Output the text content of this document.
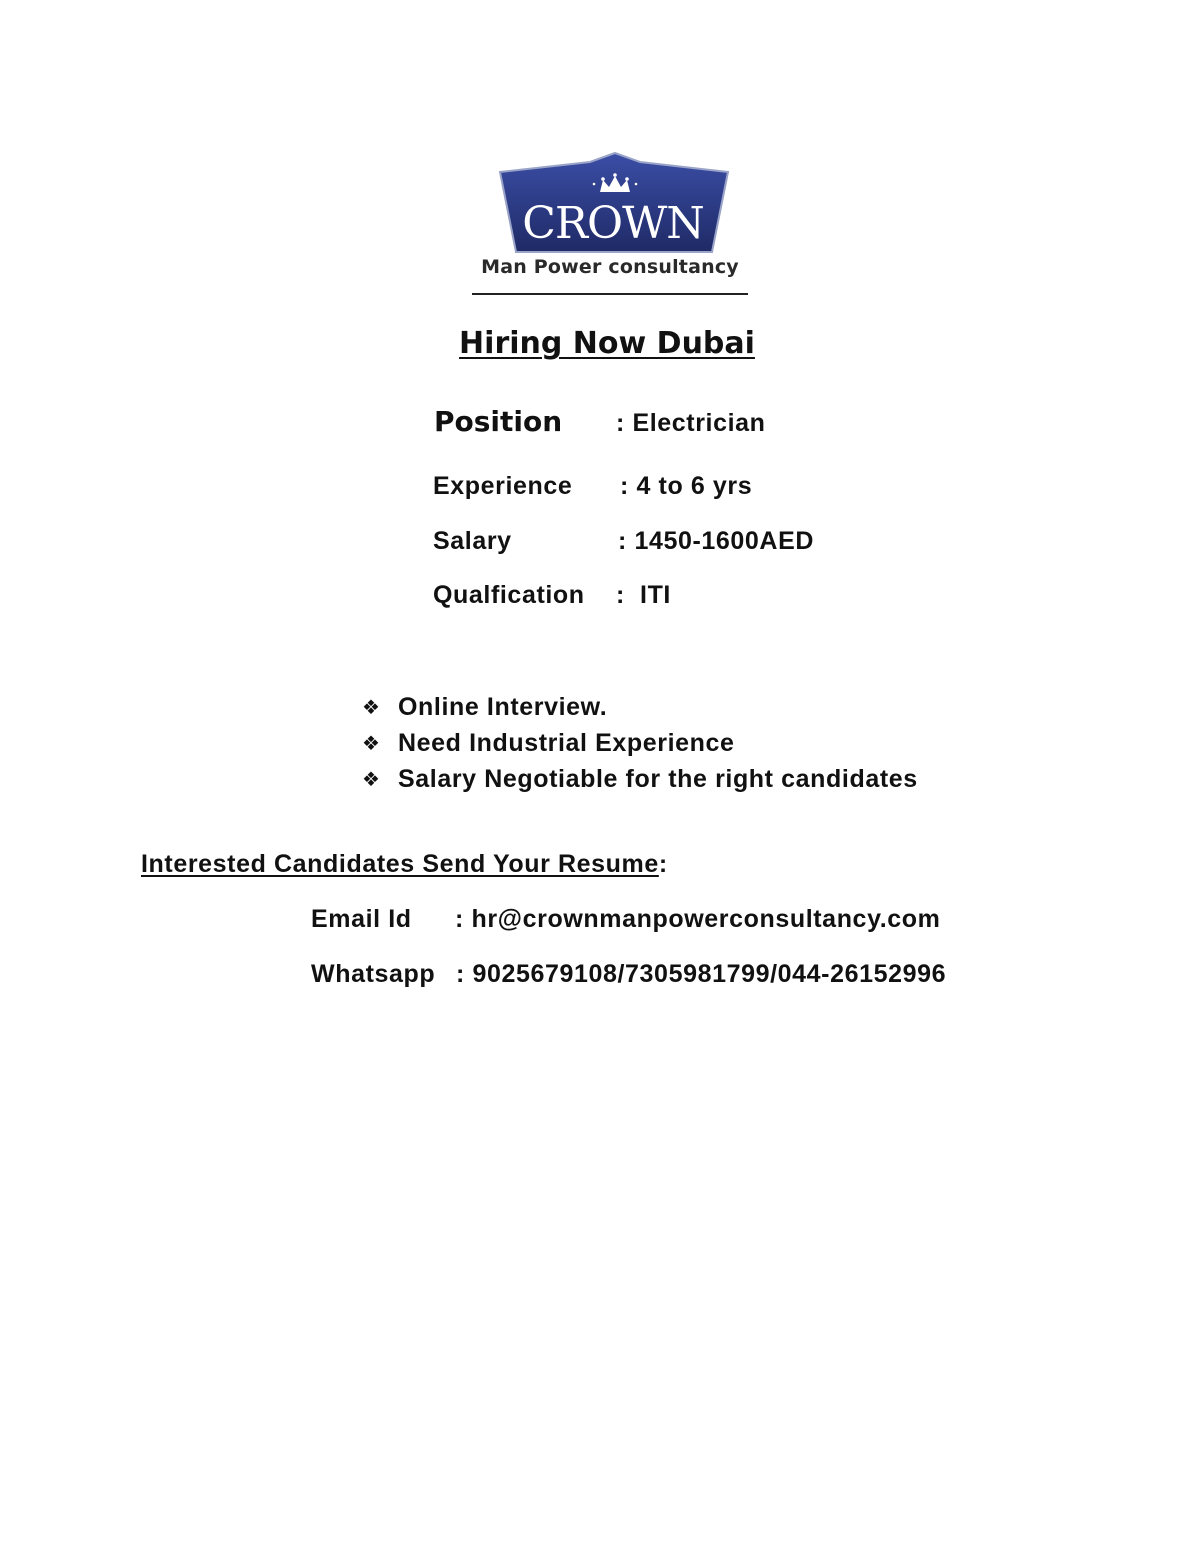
CROWN
Man Power consultancy
Hiring Now Dubai
Position : Electrician
Experience : 4 to 6 yrs
Salary	: 1450-1600AED
Qualfication :  ITI
❖ Online Interview.
❖ Need Industrial Experience
❖ Salary Negotiable for the right candidates
Interested Candidates Send Your Resume:
Email Id : hr@crownmanpowerconsultancy.com
Whatsapp : 9025679108/7305981799/044-26152996
